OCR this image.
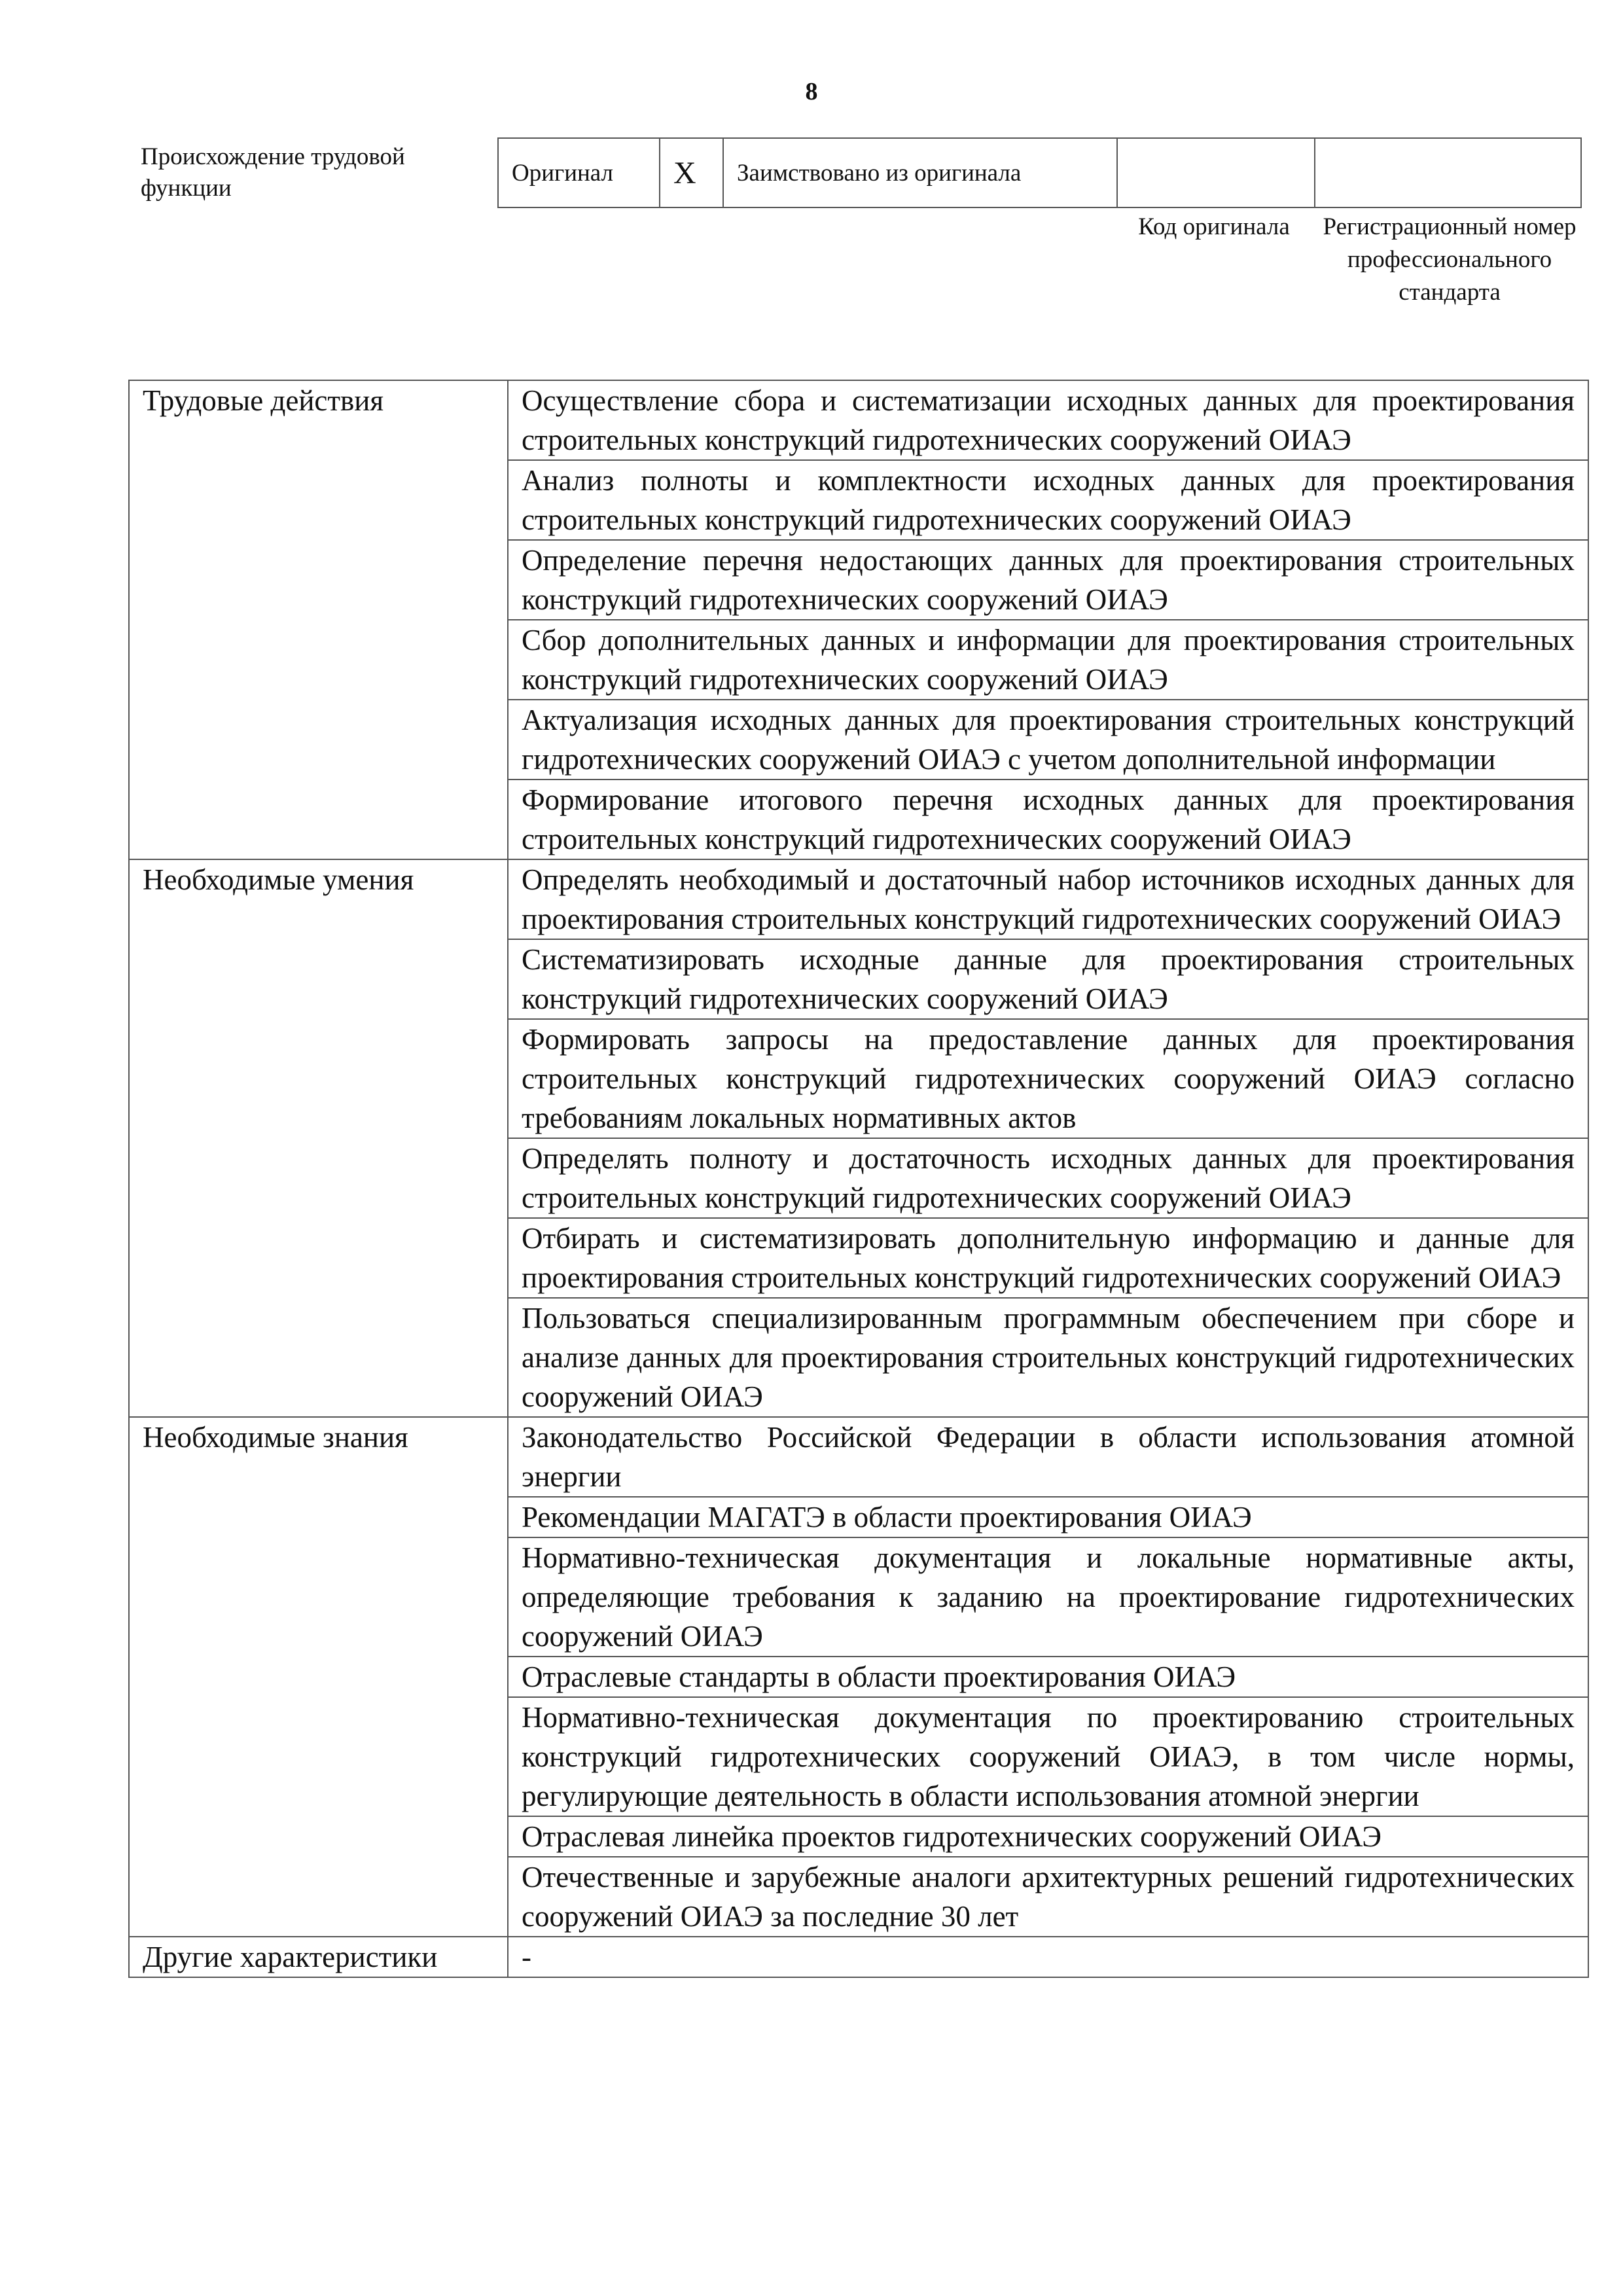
8
Происхождение трудовой функции
Оригинал	X	Заимствовано из оригинала		
Код оригинала	Регистрационный номер профессионального стандарта
Трудовые действия	Осуществление сбора и систематизации исходных данных для проектирования строительных конструкций гидротехнических сооружений ОИАЭ
	Анализ полноты и комплектности исходных данных для проектирования строительных конструкций гидротехнических сооружений ОИАЭ
	Определение перечня недостающих данных для проектирования строительных конструкций гидротехнических сооружений ОИАЭ
	Сбор дополнительных данных и информации для проектирования строительных конструкций гидротехнических сооружений ОИАЭ
	Актуализация исходных данных для проектирования строительных конструкций гидротехнических сооружений ОИАЭ с учетом дополнительной информации
	Формирование итогового перечня исходных данных для проектирования строительных конструкций гидротехнических сооружений ОИАЭ
Необходимые умения	Определять необходимый и достаточный набор источников исходных данных для проектирования строительных конструкций гидротехнических сооружений ОИАЭ
	Систематизировать исходные данные для проектирования строительных конструкций гидротехнических сооружений ОИАЭ
	Формировать запросы на предоставление данных для проектирования строительных конструкций гидротехнических сооружений ОИАЭ согласно требованиям локальных нормативных актов
	Определять полноту и достаточность исходных данных для проектирования строительных конструкций гидротехнических сооружений ОИАЭ
	Отбирать и систематизировать дополнительную информацию и данные для проектирования строительных конструкций гидротехнических сооружений ОИАЭ
	Пользоваться специализированным программным обеспечением при сборе и анализе данных для проектирования строительных конструкций гидротехнических сооружений ОИАЭ
Необходимые знания	Законодательство Российской Федерации в области использования атомной энергии
	Рекомендации МАГАТЭ в области проектирования ОИАЭ
	Нормативно-техническая документация и локальные нормативные акты, определяющие требования к заданию на проектирование гидротехнических сооружений ОИАЭ
	Отраслевые стандарты в области проектирования ОИАЭ
	Нормативно-техническая документация по проектированию строительных конструкций гидротехнических сооружений ОИАЭ, в том числе нормы, регулирующие деятельность в области использования атомной энергии
	Отраслевая линейка проектов гидротехнических сооружений ОИАЭ
	Отечественные и зарубежные аналоги архитектурных решений гидротехнических сооружений ОИАЭ за последние 30 лет
Другие характеристики	-
